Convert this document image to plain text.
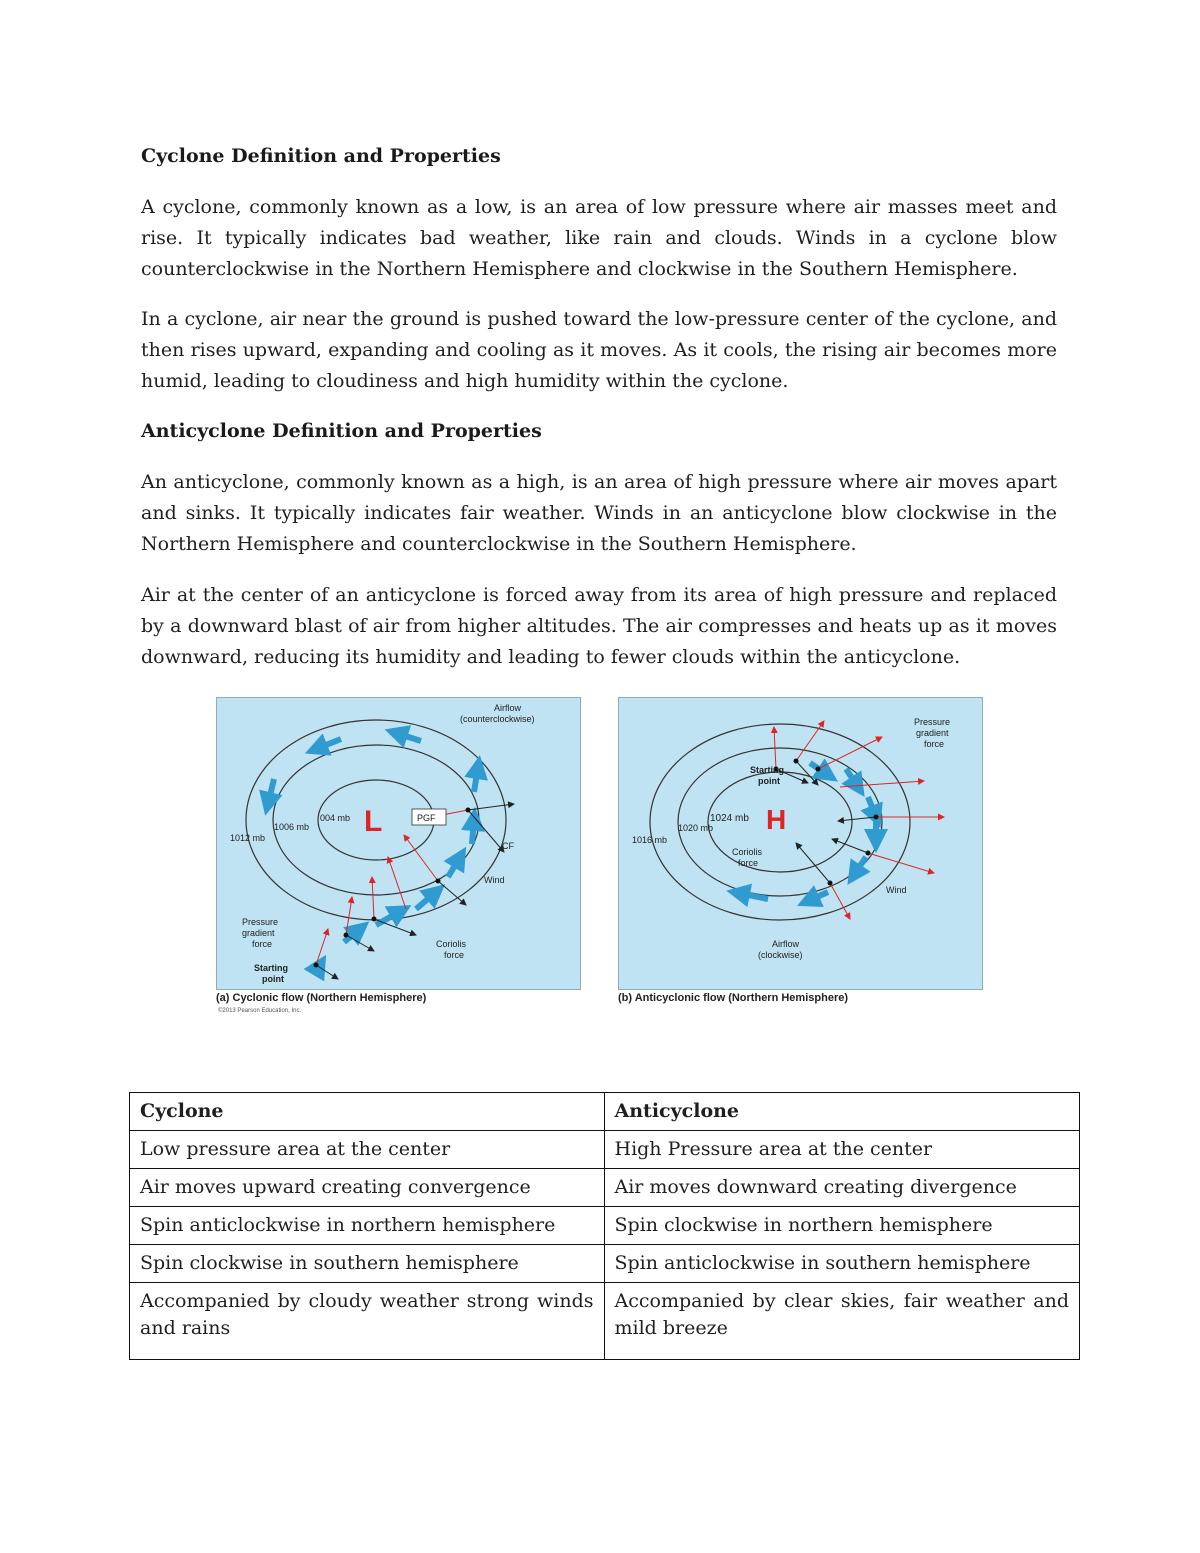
Cyclone Definition and Properties

A cyclone, commonly known as a low, is an area of low pressure where air masses meet and rise. It typically indicates bad weather, like rain and clouds. Winds in a cyclone blow counterclockwise in the Northern Hemisphere and clockwise in the Southern Hemisphere.

In a cyclone, air near the ground is pushed toward the low-pressure center of the cyclone, and then rises upward, expanding and cooling as it moves. As it cools, the rising air becomes more humid, leading to cloudiness and high humidity within the cyclone.

Anticyclone Definition and Properties

An anticyclone, commonly known as a high, is an area of high pressure where air moves apart and sinks. It typically indicates fair weather. Winds in an anticyclone blow clockwise in the Northern Hemisphere and counterclockwise in the Southern Hemisphere.

Air at the center of an anticyclone is forced away from its area of high pressure and replaced by a downward blast of air from higher altitudes. The air compresses and heats up as it moves downward, reducing its humidity and leading to fewer clouds within the anticyclone.

PGF
L
004 mb
1006 mb
1012 mb
Airflow
(counterclockwise)
CF
Wind
Pressure
gradient
force	Coriolis
force
Starting
point
(a) Cyclonic flow (Northern Hemisphere)
©2013 Pearson Education, Inc.
H
1024 mb
1020 mb
1016 mb
Pressure
gradient
force
Starting
point
Coriolis
force
Wind
Airflow
(clockwise)
(b) Anticyclonic flow (Northern Hemisphere)
Cyclone	Anticyclone
Low pressure area at the center	High Pressure area at the center
Air moves upward creating convergence	Air moves downward creating divergence
Spin anticlockwise in northern hemisphere	Spin clockwise in northern hemisphere
Spin clockwise in southern hemisphere	Spin anticlockwise in southern hemisphere
Accompanied by cloudy weather strong winds and rains	Accompanied by clear skies, fair weather and mild breeze
